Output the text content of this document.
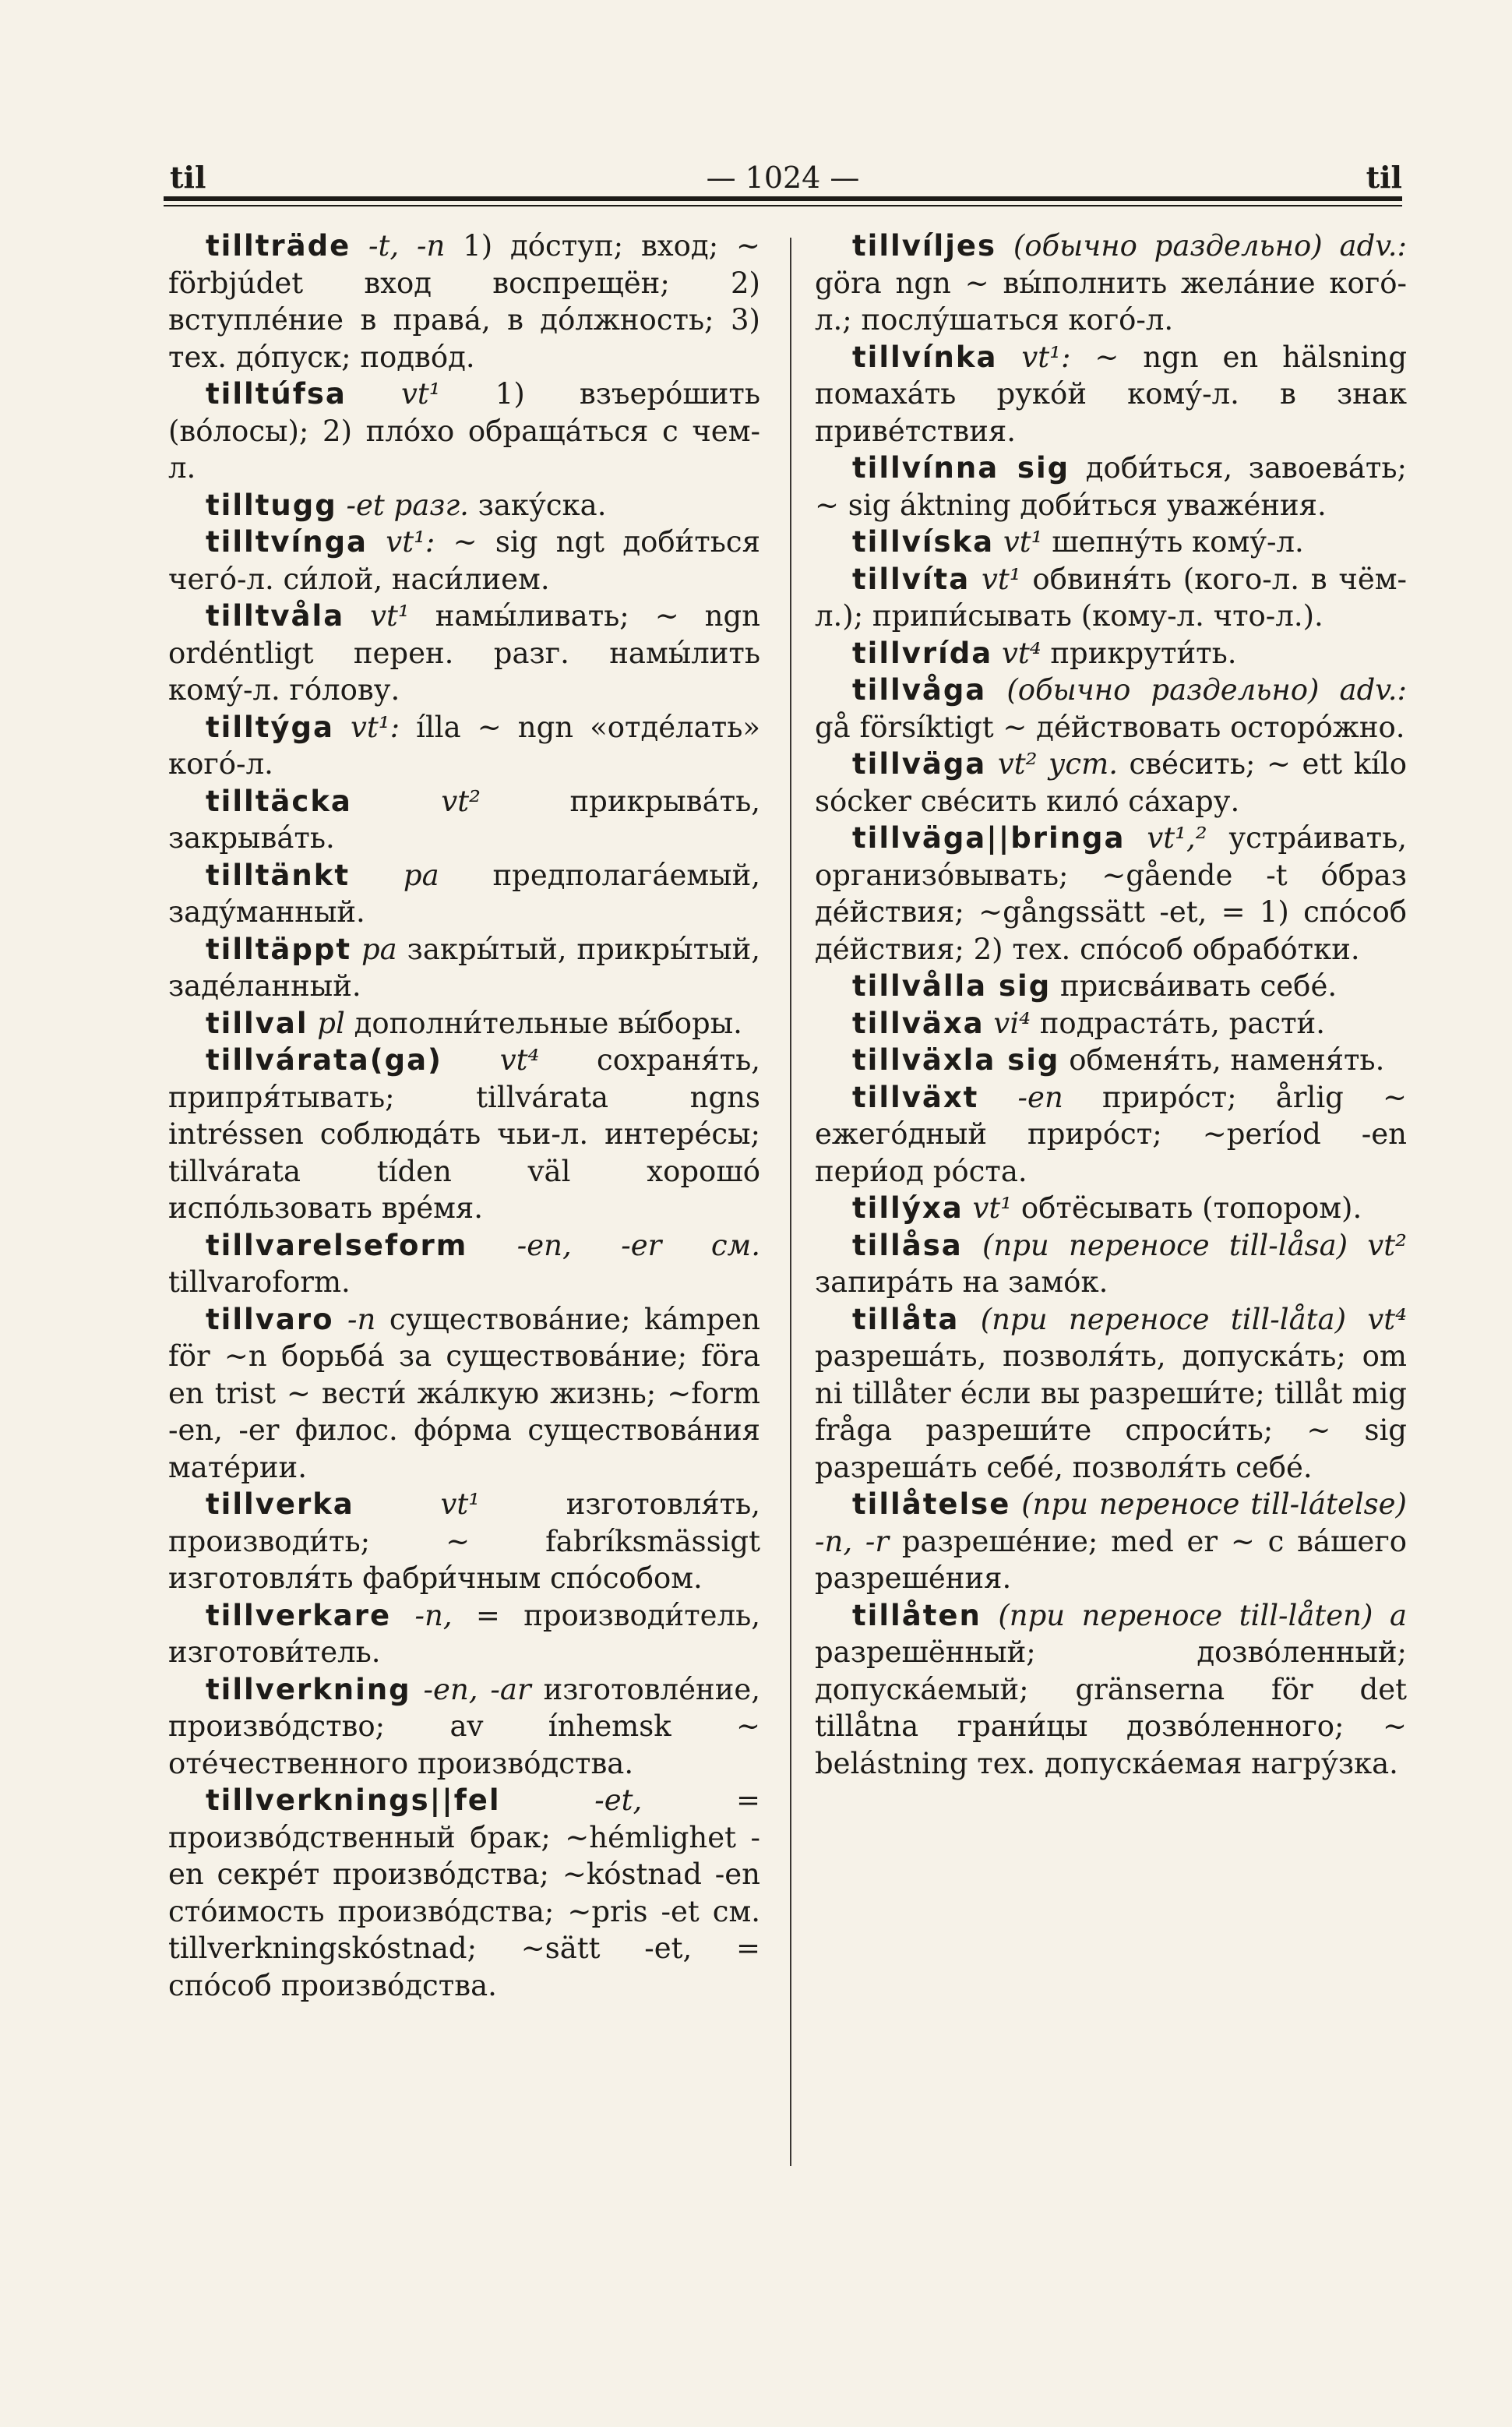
til	— 1024 —	til

tillträde -t, -n 1) до́ступ; вход; ~ förbjúdet вход воспрещён; 2) вступле́ние в права́, в до́лжность; 3) тех. до́пуск; подво́д.

tilltúfsa vt¹ 1) взъеро́шить (во́лосы); 2) пло́хо обраща́ться с чем-л.

tilltugg -et разг. заку́ска.

tilltvínga vt¹: ~ sig ngt доби́ться чего́-л. си́лой, наси́лием.

tilltvåla vt¹ намы́ливать; ~ ngn ordéntligt перен. разг. намы́лить кому́-л. го́лову.

tilltýga vt¹: ílla ~ ngn «отде́лать» кого́-л.

tilltäcka	vt²	прикрыва́ть, закрыва́ть.

tilltänkt pa предполага́емый, заду́манный.

tilltäppt pa закры́тый, прикры́тый, заде́ланный.

tillval pl дополни́тельные вы́боры.

tillvárata(ga) vt⁴ сохраня́ть, припря́тывать; tillvárata ngns intréssen соблюда́ть чьи-л. интере́сы; tillvárata tíden väl хорошо́ испо́льзовать вре́мя.

tillvarelseform -en, -er см. tillvaroform.

tillvaro -n существова́ние; kámpen för ~n борьба́ за существова́ние; föra en trist ~ вести́ жа́лкую жизнь; ~form -en, -er филос. фо́рма существова́ния мате́рии.

tillverka	vt¹	изготовля́ть, производи́ть; ~ fabríksmässigt изготовля́ть фабри́чным спо́собом.

tillverkare -n, = производи́тель, изготови́тель.

tillverkning -en, -ar изготовле́ние, произво́дство; av ínhemsk ~ оте́чественного произво́дства.

tillverknings||fel	-et, = произво́дственный брак; ~hémlighet -en секре́т произво́дства; ~kóstnad -en сто́имость произво́дства; ~pris -et см. tillverkningskóstnad; ~sätt -et, = спо́соб произво́дства.

tillvíljes (обычно раздельно) adv.: göra ngn ~ вы́полнить жела́ние кого́-л.; послу́шаться кого́-л.

tillvínka vt¹: ~ ngn en hälsning помаха́ть руко́й кому́-л. в знак приве́тствия.

tillvínna sig доби́ться, завоева́ть; ~ sig áktning доби́ться уваже́ния.

tillvíska vt¹ шепну́ть кому́-л.

tillvíta vt¹ обвиня́ть (кого-л. в чём-л.); припи́сывать (кому-л. что-л.).

tillvrída vt⁴ прикрути́ть.

tillvåga (обычно раздельно) adv.: gå försíktigt ~ де́йствовать осторо́жно.

tillväga vt² уст. све́сить; ~ ett kílo sócker све́сить кило́ са́хару.

tillväga||bringa vt¹,² устра́ивать, организо́вывать; ~gående -t о́браз де́йствия; ~gångssätt -et, = 1) спо́соб де́йствия; 2) тех. спо́соб обрабо́тки.

tillvålla sig присва́ивать себе́.

tillväxa vi⁴ подраста́ть, расти́.

tillväxla sig обменя́ть, наменя́ть.

tillväxt -en приро́ст; årlig ~ ежего́дный приро́ст; ~períod -en пери́од ро́ста.

tillýxa vt¹ обтёсывать (топором).

tillåsa (при переносе till-låsa) vt² запира́ть на замо́к.

tillåta (при переносе till-låta) vt⁴ разреша́ть, позволя́ть, допуска́ть; om ni tillåter е́сли вы разреши́те; tillåt mig fråga разреши́те спроси́ть; ~ sig разреша́ть себе́, позволя́ть себе́.

tillåtelse (при переносе till-látelse) -n, -r разреше́ние; med er ~ с ва́шего разреше́ния.

tillåten (при переносе till-låten) a разрешённый; дозво́ленный; допуска́емый; gränserna för det tillåtna грани́цы дозво́ленного; ~ belástning тех. допуска́емая нагру́зка.
